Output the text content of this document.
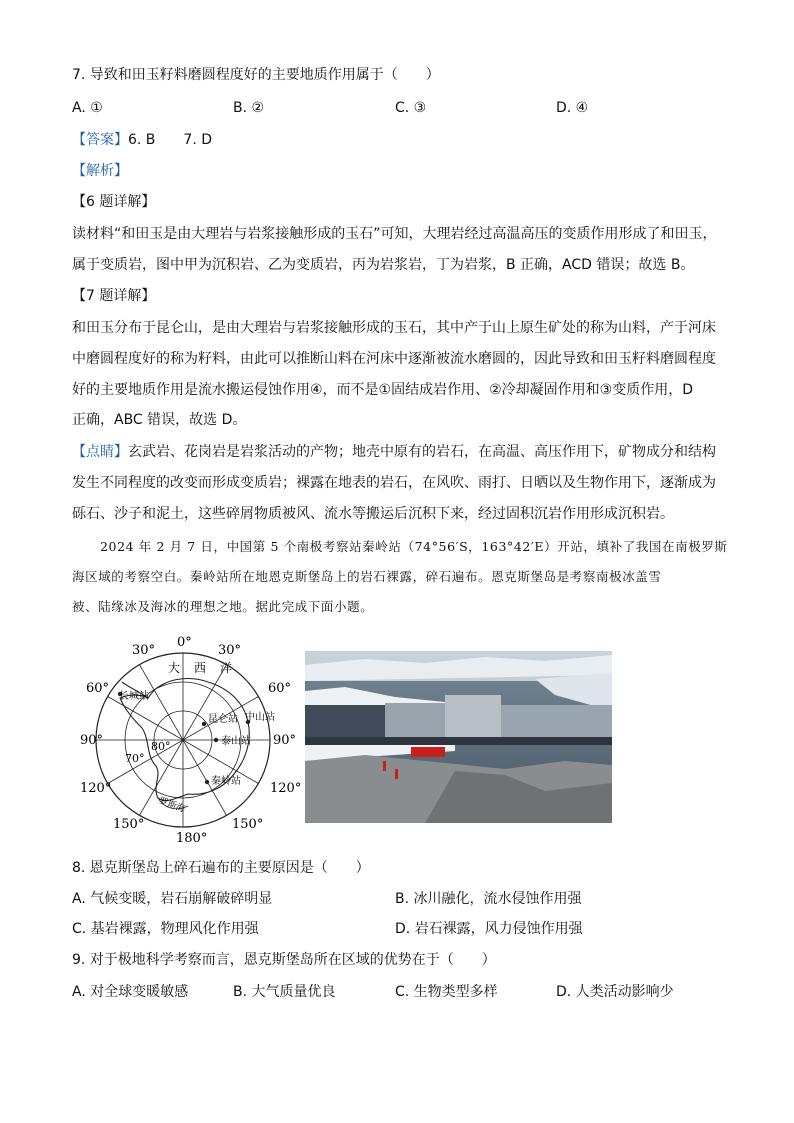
7. 导致和田玉籽料磨圆程度好的主要地质作用属于（　　）
A. ①	B. ②	C. ③	D. ④
【答案】6. B　　7. D
【解析】
【6 题详解】
读材料“和田玉是由大理岩与岩浆接触形成的玉石”可知，大理岩经过高温高压的变质作用形成了和田玉，
属于变质岩，图中甲为沉积岩、乙为变质岩，丙为岩浆岩，丁为岩浆，B 正确，ACD 错误；故选 B。
【7 题详解】
和田玉分布于昆仑山，是由大理岩与岩浆接触形成的玉石，其中产于山上原生矿处的称为山料，产于河床
中磨圆程度好的称为籽料，由此可以推断山料在河床中逐渐被流水磨圆的，因此导致和田玉籽料磨圆程度
好的主要地质作用是流水搬运侵蚀作用④，而不是①固结成岩作用、②冷却凝固作用和③变质作用，D
正确，ABC 错误，故选 D。
【点睛】玄武岩、花岗岩是岩浆活动的产物；地壳中原有的岩石，在高温、高压作用下，矿物成分和结构
发生不同程度的改变而形成变质岩；裸露在地表的岩石，在风吹、雨打、日晒以及生物作用下，逐渐成为
砾石、沙子和泥土，这些碎屑物质被风、流水等搬运后沉积下来，经过固积沉岩作用形成沉积岩。
2024 年 2 月 7 日，中国第 5 个南极考察站秦岭站（74°56′S，163°42′E）开站，填补了我国在南极罗斯
海区域的考察空白。秦岭站所在地恩克斯堡岛上的岩石裸露，碎石遍布。恩克斯堡岛是考察南极冰盖雪
被、陆缘冰及海冰的理想之地。据此完成下面小题。
0°
30°	30°
60°	60°
90°	90°
120°	120°
150°	150°
180°
80°
70°
大 西 洋
长城站
昆仑站 中山站
泰山站
秦岭站
罗斯海
8. 恩克斯堡岛上碎石遍布的主要原因是（　　）
A. 气候变暖，岩石崩解破碎明显	B. 冰川融化，流水侵蚀作用强
C. 基岩裸露，物理风化作用强	D. 岩石裸露，风力侵蚀作用强
9. 对于极地科学考察而言，恩克斯堡岛所在区域的优势在于（　　）
A. 对全球变暖敏感	B. 大气质量优良	C. 生物类型多样	D. 人类活动影响少
